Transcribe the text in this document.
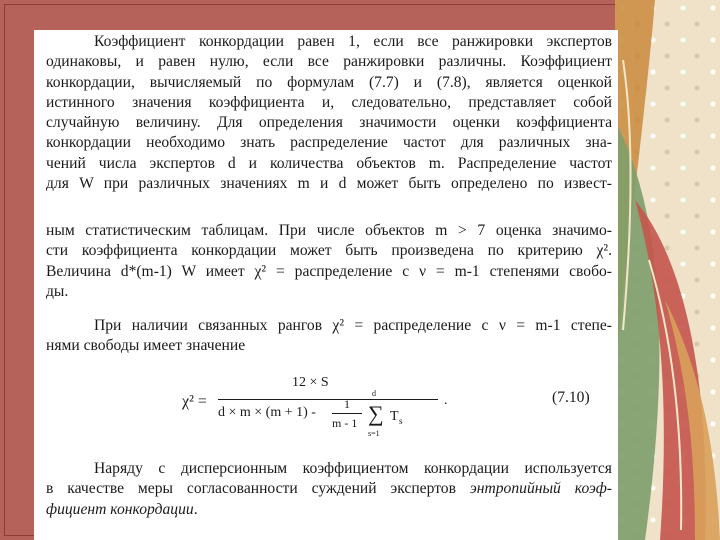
Коэффициент конкордации равен 1, если все ранжировки экспертов
одинаковы, и равен нулю, если все ранжировки различны. Коэффициент
конкордации, вычисляемый по формулам (7.7) и (7.8), является оценкой
истинного значения коэффициента и, следовательно, представляет собой
случайную величину. Для определения значимости оценки коэффициента
конкордации необходимо знать распределение частот для различных зна-
чений числа экспертов d и количества объектов m. Распределение частот
для W при различных значениях m и d может быть определено по извест-
ным статистическим таблицам. При числе объектов m > 7 оценка значимо-
сти коэффициента конкордации может быть произведена по критерию χ².
Величина d*(m-1) W имеет χ² = распределение с ν = m-1 степенями свобо-
ды.
При наличии связанных рангов χ² = распределение с ν = m-1 степе-
нями свободы имеет значение
χ² =
12 × S
d × m × (m + 1) -
1
m - 1 ∑
d
s=1
T s
.	(7.10)
Наряду с дисперсионным коэффициентом конкордации используется
в качестве меры согласованности суждений экспертов энтропийный коэф-
фициент конкордации.
